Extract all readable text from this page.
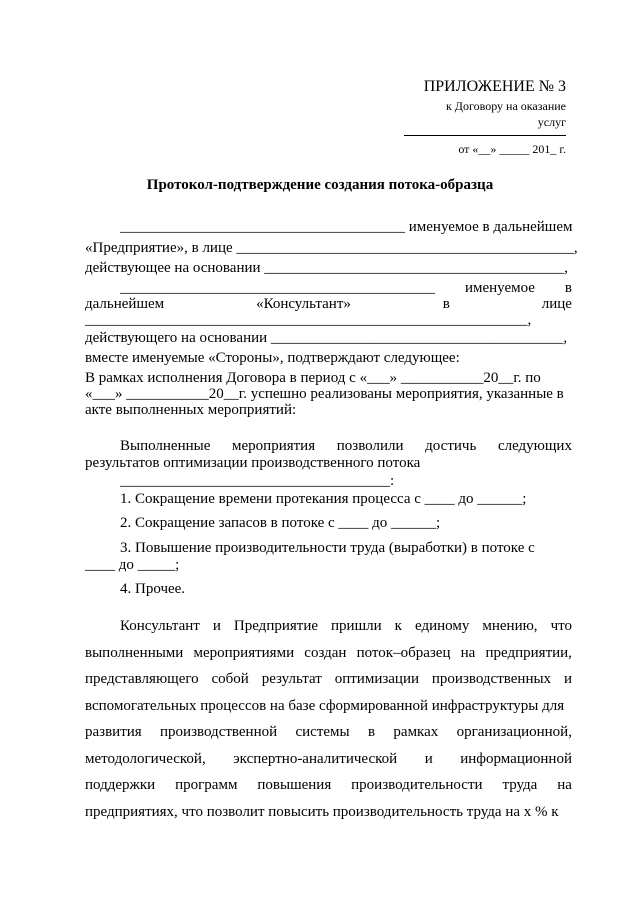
ПРИЛОЖЕНИЕ № 3
к Договору на оказание
услуг
от «__» _____ 201_ г.
Протокол-подтверждение создания потока-образца
______________________________________ именуемое в дальнейшем
«Предприятие», в лице _____________________________________________,
действующее на основании ________________________________________,
__________________________________________ именуемое в
дальнейшем	«Консультант»	в	лице
___________________________________________________________,
действующего на основании _______________________________________,
вместе именуемые «Стороны», подтверждают следующее:
В рамках исполнения Договора в период с «___» ___________20__г. по
«___» ___________20__г. успешно реализованы мероприятия, указанные в
акте выполненных мероприятий:
Выполненные мероприятия позволили достичь следующих
результатов оптимизации производственного потока
____________________________________:
1. Сокращение времени протекания процесса с ____ до ______;
2. Сокращение запасов в потоке с ____ до ______;
3. Повышение производительности труда (выработки) в потоке с
____ до _____;
4. Прочее.
Консультант и Предприятие пришли к единому мнению, что
выполненными мероприятиями создан поток–образец на предприятии,
представляющего собой результат оптимизации производственных и
вспомогательных процессов на базе сформированной инфраструктуры для
развития производственной системы в рамках организационной,
методологической, экспертно-аналитической и информационной
поддержки программ повышения производительности труда на
предприятиях, что позволит повысить производительность труда на х % к
